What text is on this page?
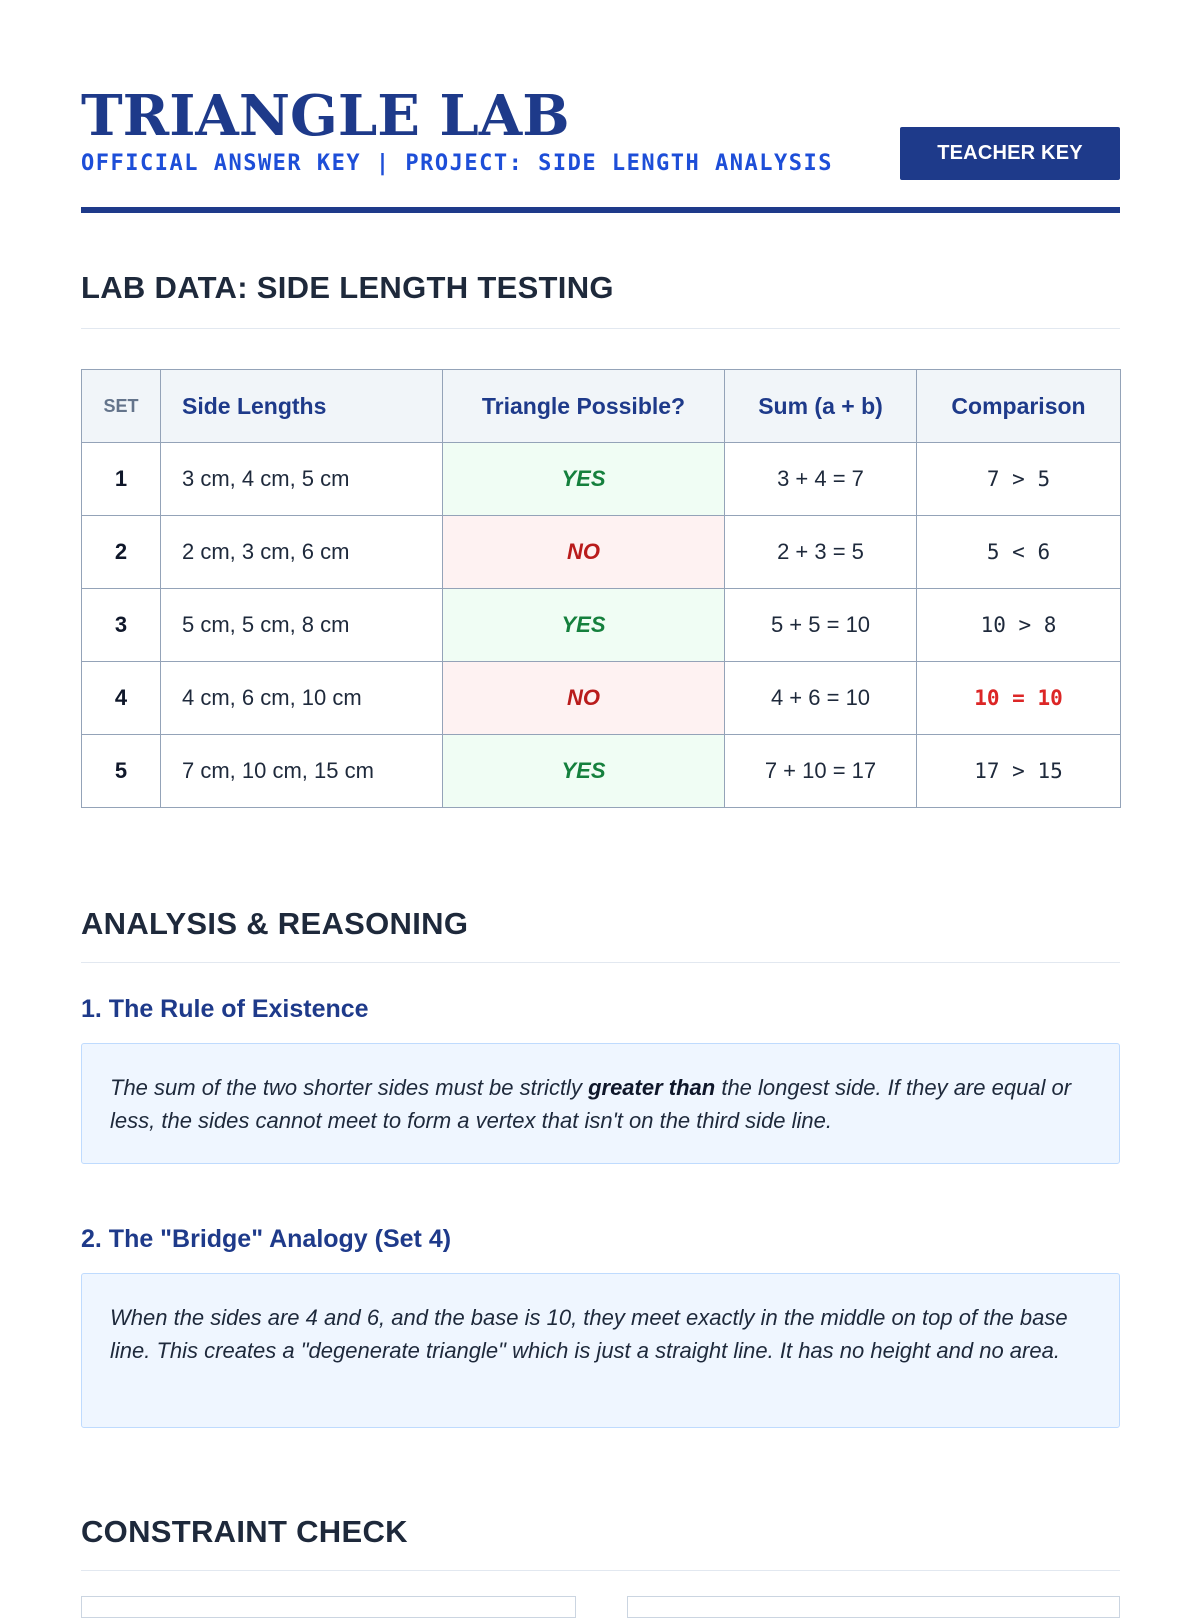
TRIANGLE LAB
OFFICIAL ANSWER KEY | PROJECT: SIDE LENGTH ANALYSIS	TEACHER KEY
LAB DATA: SIDE LENGTH TESTING
SET	Side Lengths	Triangle Possible?	Sum (a + b)	Comparison
1	3 cm, 4 cm, 5 cm	YES	3 + 4 = 7	7 > 5
2	2 cm, 3 cm, 6 cm	NO	2 + 3 = 5	5 < 6
3	5 cm, 5 cm, 8 cm	YES	5 + 5 = 10	10 > 8
4	4 cm, 6 cm, 10 cm	NO	4 + 6 = 10	10 = 10
5	7 cm, 10 cm, 15 cm	YES	7 + 10 = 17	17 > 15
ANALYSIS & REASONING
1. The Rule of Existence
The sum of the two shorter sides must be strictly greater than the longest side. If they are equal or less, the sides cannot meet to form a vertex that isn't on the third side line.
2. The "Bridge" Analogy (Set 4)
When the sides are 4 and 6, and the base is 10, they meet exactly in the middle on top of the base line. This creates a "degenerate triangle" which is just a straight line. It has no height and no area.
CONSTRAINT CHECK
